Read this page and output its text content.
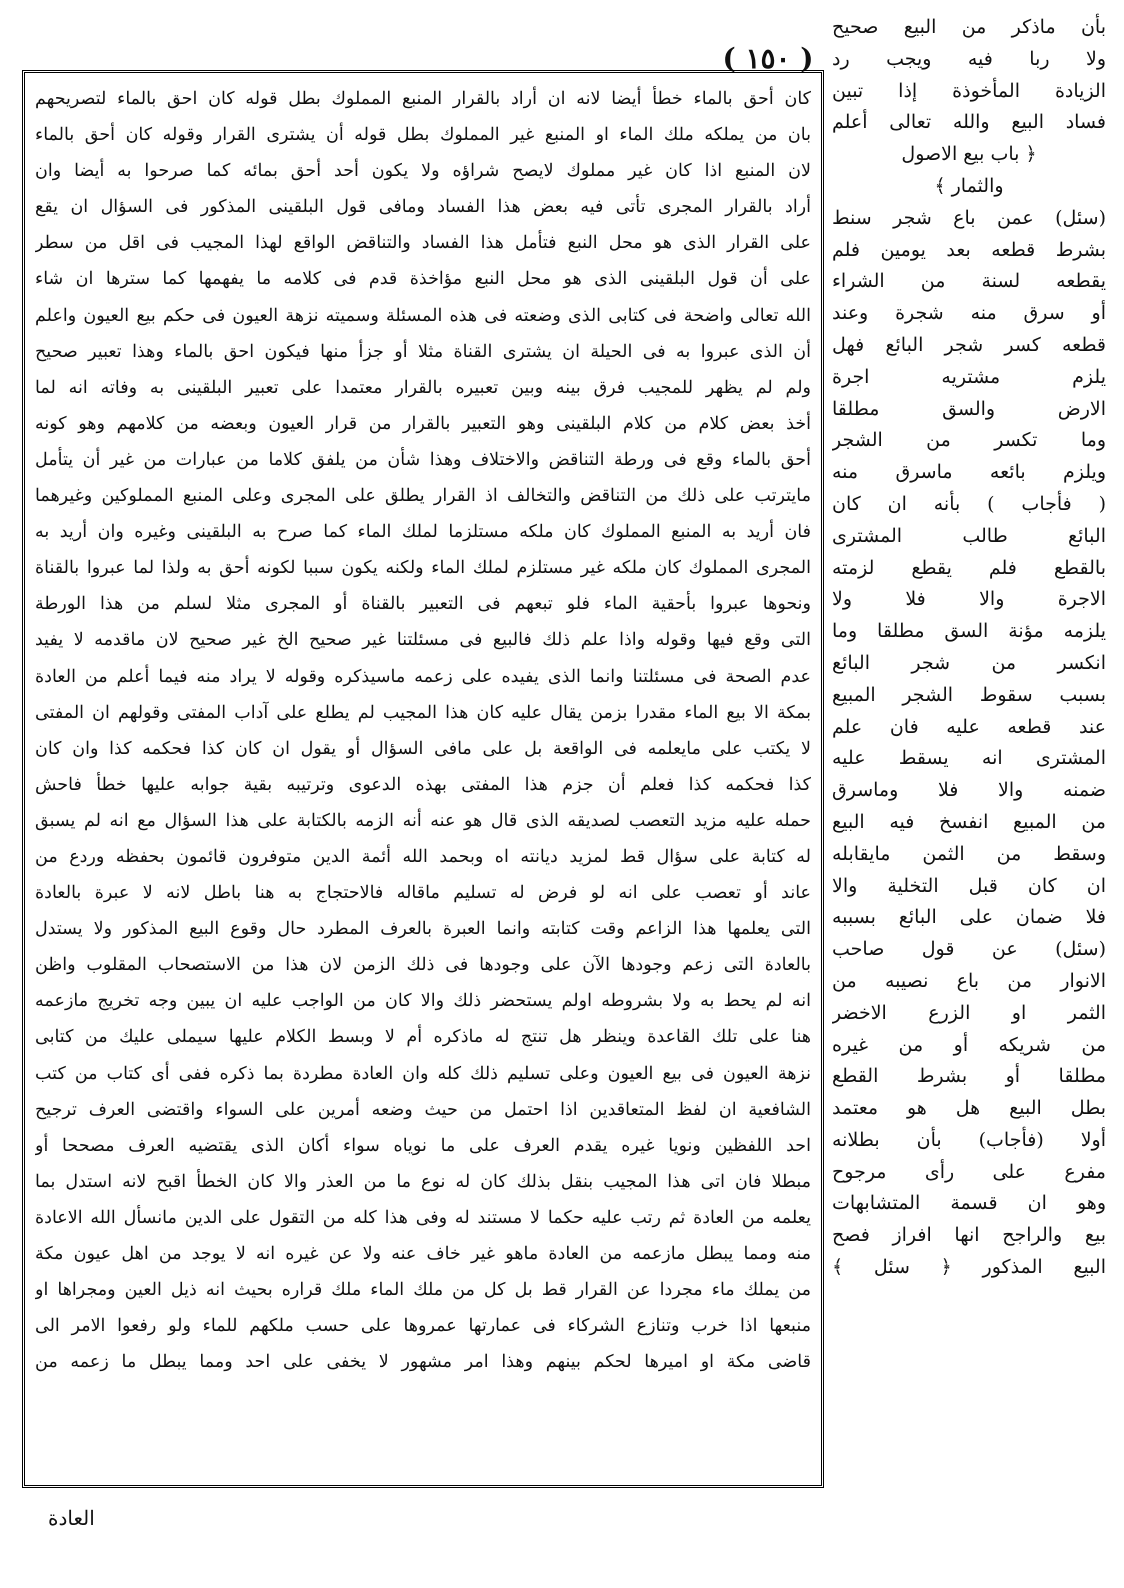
( ١٥٠ )
بأن ماذكر من البيع صحيح
ولا ربا فيه ويجب رد
الزيادة المأخوذة إذا تبين
فساد البيع والله تعالى أعلم
﴿ باب بيع الاصول
والثمار ﴾
(سئل) عمن باع شجر سنط
بشرط قطعه بعد يومين فلم
يقطعه لسنة من الشراء
أو سرق منه شجرة وعند
قطعه كسر شجر البائع فهل
يلزم مشتريه اجرة
الارض والسق مطلقا
وما تكسر من الشجر
ويلزم بائعه ماسرق منه
( فأجاب ) بأنه ان كان
البائع طالب المشترى
بالقطع فلم يقطع لزمته
الاجرة والا فلا ولا
يلزمه مؤنة السق مطلقا وما
انكسر من شجر البائع
بسبب سقوط الشجر المبيع
عند قطعه عليه فان علم
المشترى انه يسقط عليه
ضمنه والا فلا وماسرق
من المبيع انفسخ فيه البيع
وسقط من الثمن مايقابله
ان كان قبل التخلية والا
فلا ضمان على البائع بسببه
(سئل) عن قول صاحب
الانوار من باع نصيبه من
الثمر او الزرع الاخضر
من شريكه أو من غيره
مطلقا أو بشرط القطع
بطل البيع هل هو معتمد
أولا (فأجاب) بأن بطلانه
مفرع على رأى مرجوح
وهو ان قسمة المتشابهات
بيع والراجح انها افراز فصح
البيع المذكور ﴿ سئل ﴾
كان أحق بالماء خطأ أيضا لانه ان أراد بالقرار المنبع المملوك بطل قوله كان احق بالماء لتصريحهم
بان من يملكه ملك الماء او المنبع غير المملوك بطل قوله أن يشترى القرار وقوله كان أحق بالماء
لان المنبع اذا كان غير مملوك لايصح شراؤه ولا يكون أحد أحق بمائه كما صرحوا به أيضا وان
أراد بالقرار المجرى تأتى فيه بعض هذا الفساد ومافى قول البلقينى المذكور فى السؤال ان يقع
على القرار الذى هو محل النبع فتأمل هذا الفساد والتناقض الواقع لهذا المجيب فى اقل من سطر
على أن قول البلقينى الذى هو محل النبع مؤاخذة قدم فى كلامه ما يفهمها كما سترها ان شاء
الله تعالى واضحة فى كتابى الذى وضعته فى هذه المسئلة وسميته نزهة العيون فى حكم بيع العيون واعلم
أن الذى عبروا به فى الحيلة ان يشترى القناة مثلا أو جزأ منها فيكون احق بالماء وهذا تعبير صحيح
ولم لم يظهر للمجيب فرق بينه وبين تعبيره بالقرار معتمدا على تعبير البلقينى به وفاته انه لما
أخذ بعض كلام من كلام البلقينى وهو التعبير بالقرار من قرار العيون وبعضه من كلامهم وهو كونه
أحق بالماء وقع فى ورطة التناقض والاختلاف وهذا شأن من يلفق كلاما من عبارات من غير أن يتأمل
مايترتب على ذلك من التناقض والتخالف اذ القرار يطلق على المجرى وعلى المنبع المملوكين وغيرهما
فان أريد به المنبع المملوك كان ملكه مستلزما لملك الماء كما صرح به البلقينى وغيره وان أريد به
المجرى المملوك كان ملكه غير مستلزم لملك الماء ولكنه يكون سببا لكونه أحق به ولذا لما عبروا بالقناة
ونحوها عبروا بأحقية الماء فلو تبعهم فى التعبير بالقناة أو المجرى مثلا لسلم من هذا الورطة
التى وقع فيها وقوله واذا علم ذلك فالبيع فى مسئلتنا غير صحيح الخ غير صحيح لان ماقدمه لا يفيد
عدم الصحة فى مسئلتنا وانما الذى يفيده على زعمه ماسيذكره وقوله لا يراد منه فيما أعلم من العادة
بمكة الا بيع الماء مقدرا بزمن يقال عليه كان هذا المجيب لم يطلع على آداب المفتى وقولهم ان المفتى
لا يكتب على مايعلمه فى الواقعة بل على مافى السؤال أو يقول ان كان كذا فحكمه كذا وان كان
كذا فحكمه كذا فعلم أن جزم هذا المفتى بهذه الدعوى وترتيبه بقية جوابه عليها خطأ فاحش
حمله عليه مزيد التعصب لصديقه الذى قال هو عنه أنه الزمه بالكتابة على هذا السؤال مع انه لم يسبق
له كتابة على سؤال قط لمزيد ديانته اه وبحمد الله أئمة الدين متوفرون قائمون بحفظه وردع من
عاند أو تعصب على انه لو فرض له تسليم ماقاله فالاحتجاج به هنا باطل لانه لا عبرة بالعادة
التى يعلمها هذا الزاعم وقت كتابته وانما العبرة بالعرف المطرد حال وقوع البيع المذكور ولا يستدل
بالعادة التى زعم وجودها الآن على وجودها فى ذلك الزمن لان هذا من الاستصحاب المقلوب واظن
انه لم يحط به ولا بشروطه اولم يستحضر ذلك والا كان من الواجب عليه ان يبين وجه تخريج مازعمه
هنا على تلك القاعدة وينظر هل تنتج له ماذكره أم لا وبسط الكلام عليها سيملى عليك من كتابى
نزهة العيون فى بيع العيون وعلى تسليم ذلك كله وان العادة مطردة بما ذكره ففى أى كتاب من كتب
الشافعية ان لفظ المتعاقدين اذا احتمل من حيث وضعه أمرين على السواء واقتضى العرف ترجيح
احد اللفظين ونويا غيره يقدم العرف على ما نوياه سواء أكان الذى يقتضيه العرف مصححا أو
مبطلا فان اتى هذا المجيب بنقل بذلك كان له نوع ما من العذر والا كان الخطأ اقبح لانه استدل بما
يعلمه من العادة ثم رتب عليه حكما لا مستند له وفى هذا كله من التقول على الدين مانسأل الله الاعادة
منه ومما يبطل مازعمه من العادة ماهو غير خاف عنه ولا عن غيره انه لا يوجد من اهل عيون مكة
من يملك ماء مجردا عن القرار قط بل كل من ملك الماء ملك قراره بحيث انه ذيل العين ومجراها او
منبعها اذا خرب وتنازع الشركاء فى عمارتها عمروها على حسب ملكهم للماء ولو رفعوا الامر الى
قاضى مكة او اميرها لحكم بينهم وهذا امر مشهور لا يخفى على احد ومما يبطل ما زعمه من
العادة
